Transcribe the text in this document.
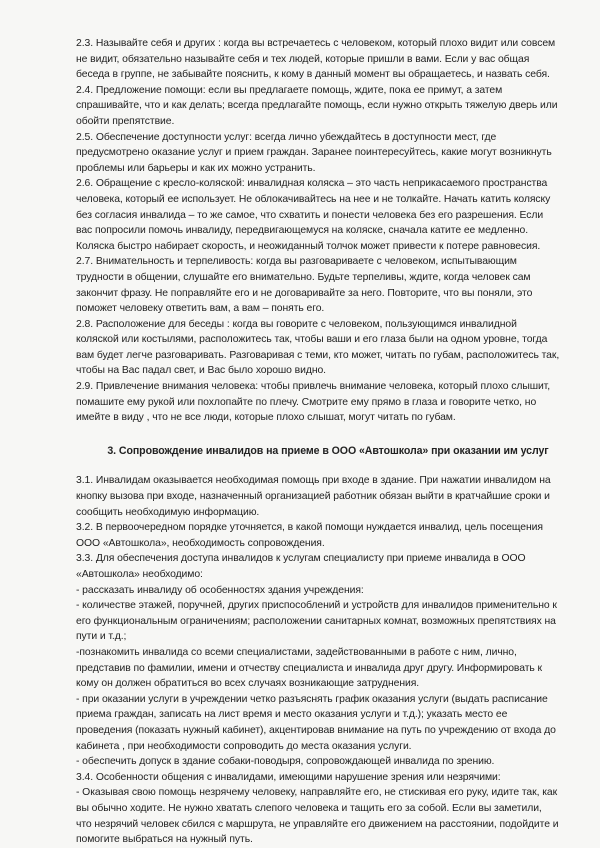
2.3. Называйте себя и других : когда вы встречаетесь с человеком, который плохо видит или совсем не видит, обязательно называйте себя и тех людей, которые пришли в вами. Если у вас общая беседа в группе, не забывайте пояснить, к кому в данный момент вы обращаетесь, и назвать себя.

2.4. Предложение помощи: если вы предлагаете помощь, ждите, пока ее примут, а затем спрашивайте, что и как делать; всегда предлагайте помощь, если нужно открыть тяжелую дверь или обойти препятствие.

2.5. Обеспечение доступности услуг: всегда лично убеждайтесь в доступности мест, где предусмотрено оказание услуг и прием граждан. Заранее поинтересуйтесь, какие могут возникнуть проблемы или барьеры и как их можно устранить.

2.6. Обращение с кресло-коляской: инвалидная коляска – это часть неприкасаемого пространства человека, который ее использует. Не облокачивайтесь на нее и не толкайте. Начать катить коляску без согласия инвалида – то же самое, что схватить и понести человека без его разрешения. Если вас попросили помочь инвалиду, передвигающемуся на коляске, сначала катите ее медленно. Коляска быстро набирает скорость, и неожиданный толчок может привести к потере равновесия.

2.7. Внимательность и терпеливость: когда вы разговариваете с человеком, испытывающим трудности в общении, слушайте его внимательно. Будьте терпеливы, ждите, когда человек сам закончит фразу. Не поправляйте его и не договаривайте за него. Повторите, что вы поняли, это поможет человеку ответить вам, а вам – понять его.

2.8. Расположение для беседы : когда вы говорите с человеком, пользующимся инвалидной коляской или костылями, расположитесь так, чтобы ваши и его глаза были на одном уровне, тогда вам будет легче разговаривать. Разговаривая с теми, кто может, читать по губам, расположитесь так, чтобы на Вас падал свет, и Вас было хорошо видно.

2.9. Привлечение внимания человека: чтобы привлечь внимание человека, который плохо слышит, помашите ему рукой или похлопайте по плечу. Смотрите ему прямо в глаза и говорите четко, но имейте в виду , что не все люди, которые плохо слышат, могут читать по губам.

3. Сопровождение инвалидов на приеме в ООО «Автошкола» при оказании им услуг

3.1. Инвалидам оказывается необходимая помощь при входе в здание. При нажатии инвалидом на кнопку вызова при входе, назначенный организацией работник обязан выйти в кратчайшие сроки и сообщить необходимую информацию.

3.2. В первоочередном порядке уточняется, в какой помощи нуждается инвалид, цель посещения ООО «Автошкола», необходимость сопровождения.

3.3. Для обеспечения доступа инвалидов к услугам специалисту при приеме инвалида в ООО «Автошкола» необходимо:

- рассказать инвалиду об особенностях здания учреждения:

- количестве этажей, поручней, других приспособлений и устройств для инвалидов применительно к его функциональным ограничениям; расположении санитарных комнат, возможных препятствиях на пути и т.д.;

-познакомить инвалида со всеми специалистами, задействованными в работе с ним, лично, представив по фамилии, имени и отчеству специалиста и инвалида друг другу. Информировать к кому он должен обратиться во всех случаях возникающие затруднения.

- при оказании услуги в учреждении четко разъяснять график оказания услуги (выдать расписание приема граждан, записать на лист время и место оказания услуги и т.д.); указать место ее проведения (показать нужный кабинет), акцентировав внимание на путь по учреждению от входа до кабинета , при необходимости сопроводить до места оказания услуги.

- обеспечить допуск в здание собаки-поводыря, сопровождающей инвалида по зрению.

3.4. Особенности общения с инвалидами, имеющими нарушение зрения или незрячими:

- Оказывая свою помощь незрячему человеку, направляйте его, не стискивая его руку, идите так, как вы обычно ходите. Не нужно хватать слепого человека и тащить его за собой. Если вы заметили, что незрячий человек сбился с маршрута, не управляйте его движением на расстоянии, подойдите и помогите выбраться на нужный путь.
